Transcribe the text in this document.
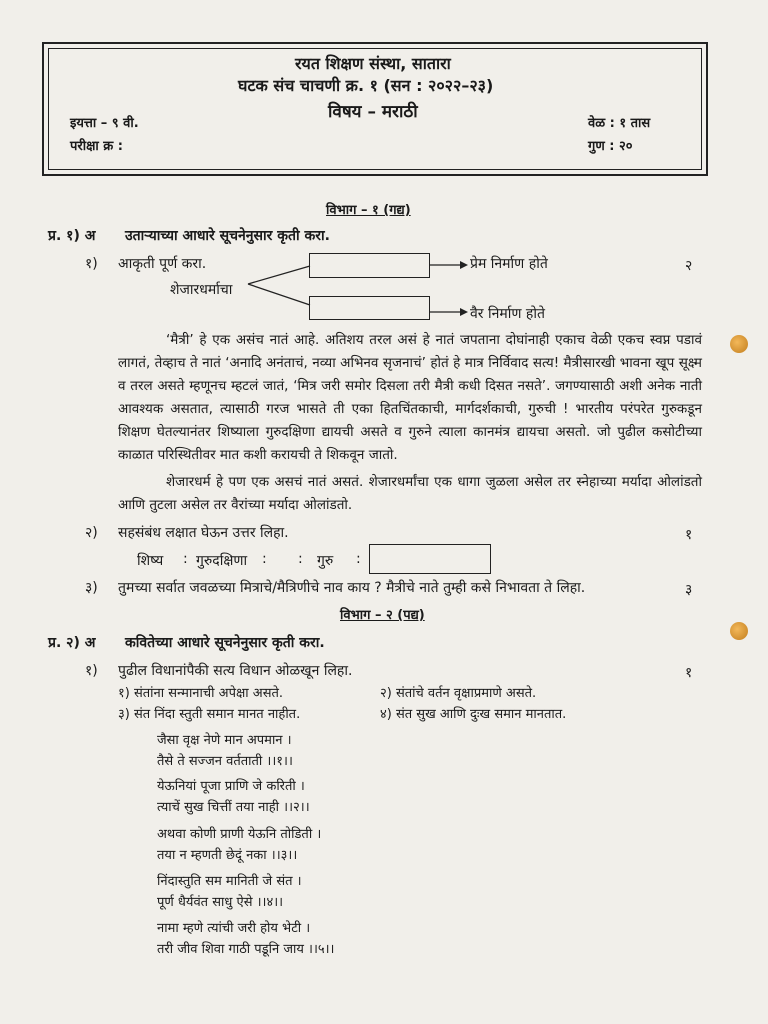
रयत शिक्षण संस्था, सातारा
घटक संच चाचणी क्र. १ (सन : २०२२–२३)
विषय – मराठी
इयत्ता – ९ वी.
परीक्षा क्र :
वेळ : १ तास
गुण : २०
विभाग – १ (गद्य)
प्र. १) अ उताऱ्याच्या आधारे सूचनेनुसार कृती करा.
१) आकृती पूर्ण करा.	२
प्रेम निर्माण होते
वैर निर्माण होते
शेजारधर्माचा
‘मैत्री’ हे एक असंच नातं आहे. अतिशय तरल असं हे नातं जपताना दोघांनाही एकाच वेळी एकच स्वप्न पडावं लागतं, तेव्हाच ते नातं ‘अनादि अनंताचं, नव्या अभिनव सृजनाचं’ होतं हे मात्र निर्विवाद सत्य! मैत्रीसारखी भावना खूप सूक्ष्म व तरल असते म्हणूनच म्हटलं जातं, ‘मित्र जरी समोर दिसला तरी मैत्री कधी दिसत नसते’. जगण्यासाठी अशी अनेक नाती आवश्यक असतात, त्यासाठी गरज भासते ती एका हितचिंतकाची, मार्गदर्शकाची, गुरुची ! भारतीय परंपरेत गुरुकडून शिक्षण घेतल्यानंतर शिष्याला गुरुदक्षिणा द्यायची असते व गुरुने त्याला कानमंत्र द्यायचा असतो. जो पुढील कसोटीच्या काळात परिस्थितीवर मात कशी करायची ते शिकवून जातो.
शेजारधर्म हे पण एक असचं नातं असतं. शेजारधर्मांचा एक धागा जुळला असेल तर स्नेहाच्या मर्यादा ओलांडतो आणि तुटला असेल तर वैरांच्या मर्यादा ओलांडतो.
२) सहसंबंध लक्षात घेऊन उत्तर लिहा.	१
शिष्य : गुरुदक्षिणा : : गुरु :
३) तुमच्या सर्वात जवळच्या मित्राचे/मैत्रिणीचे नाव काय ? मैत्रीचे नाते तुम्ही कसे निभावता ते लिहा.	३
विभाग – २ (पद्य)
प्र. २) अ कवितेच्या आधारे सूचनेनुसार कृती करा.
१) पुढील विधानांपैकी सत्य विधान ओळखून लिहा.	१
१) संतांना सन्मानाची अपेक्षा असते.	२) संतांचे वर्तन वृक्षाप्रमाणे असते.
३) संत निंदा स्तुती समान मानत नाहीत.	४) संत सुख आणि दुःख समान मानतात.
जैसा वृक्ष नेणे मान अपमान ।
तैसे ते सज्जन वर्तताती ।।१।।
येऊनियां पूजा प्राणि जे करिती ।
त्याचें सुख चित्तीं तया नाही ।।२।।
अथवा कोणी प्राणी येऊनि तोडिती ।
तया न म्हणती छेदूं नका ।।३।।
निंदास्तुति सम मानिती जे संत ।
पूर्ण धैर्यवंत साधु ऐसे ।।४।।
नामा म्हणे त्यांची जरी होय भेटी ।
तरी जीव शिवा गाठी पडूनि जाय ।।५।।
